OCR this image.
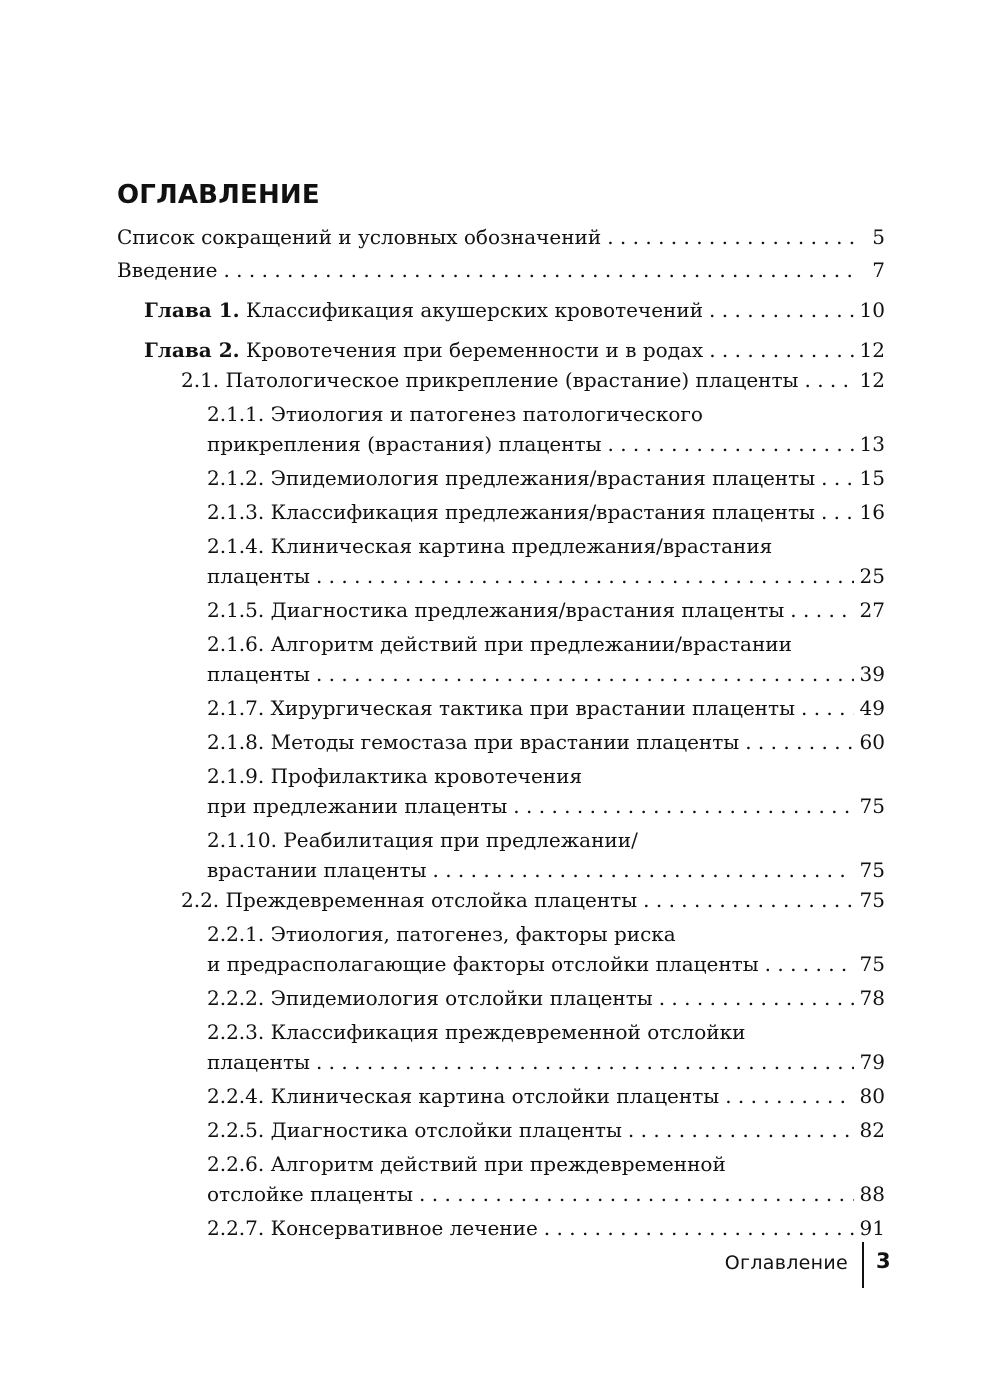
ОГЛАВЛЕНИЕ
Список сокращений и условных обозначений . . .	5
Введение . . .	7
Глава 1. Классификация акушерских кровотечений . . .	10
Глава 2. Кровотечения при беременности и в родах . . .	12
2.1. Патологическое прикрепление (врастание) плаценты . . .	12
2.1.1. Этиология и патогенез патологического
прикрепления (врастания) плаценты . . .	13
2.1.2. Эпидемиология предлежания/врастания плаценты . . . 15
2.1.3. Классификация предлежания/врастания плаценты . . . 16
2.1.4. Клиническая картина предлежания/врастания
плаценты . . .	25
2.1.5. Диагностика предлежания/врастания плаценты . . .	27
2.1.6. Алгоритм действий при предлежании/врастании
плаценты . . .	39
2.1.7. Хирургическая тактика при врастании плаценты . . .	49
2.1.8. Методы гемостаза при врастании плаценты . . .	60
2.1.9. Профилактика кровотечения
при предлежании плаценты . . .	75
2.1.10. Реабилитация при предлежании/
врастании плаценты . . .	75
2.2. Преждевременная отслойка плаценты . . .	75
2.2.1. Этиология, патогенез, факторы риска
и предрасполагающие факторы отслойки плаценты . . .	75
2.2.2. Эпидемиология отслойки плаценты . . .	78
2.2.3. Классификация преждевременной отслойки
плаценты . . .	79
2.2.4. Клиническая картина отслойки плаценты . . .	80
2.2.5. Диагностика отслойки плаценты . . .	82
2.2.6. Алгоритм действий при преждевременной
отслойке плаценты . . .	88
2.2.7. Консервативное лечение . . .	91
Оглавление 3
